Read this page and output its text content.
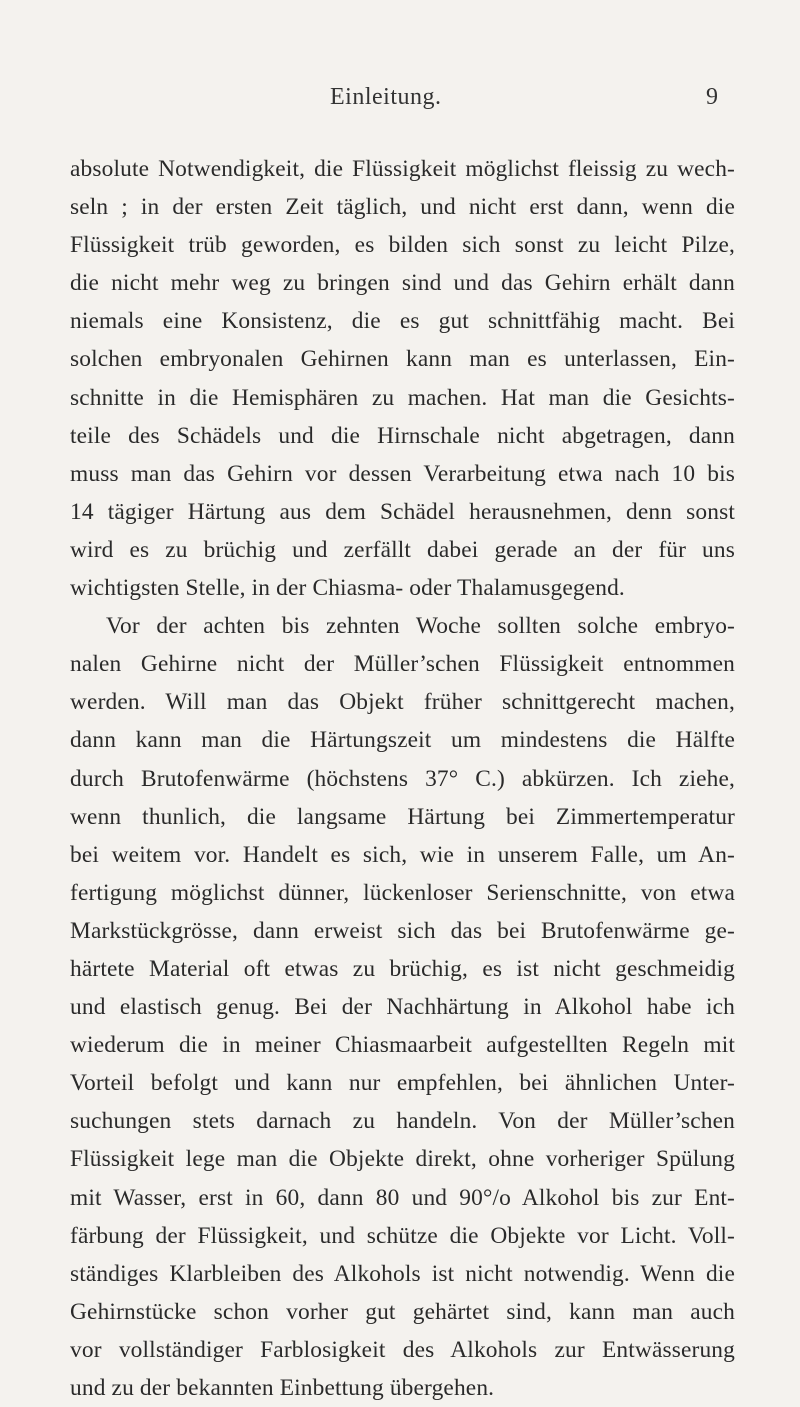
Einleitung.	9
absolute Notwendigkeit, die Flüssigkeit möglichst fleissig zu wech-
seln ; in der ersten Zeit täglich, und nicht erst dann, wenn die
Flüssigkeit trüb geworden, es bilden sich sonst zu leicht Pilze,
die nicht mehr weg zu bringen sind und das Gehirn erhält dann
niemals eine Konsistenz, die es gut schnittfähig macht. Bei
solchen embryonalen Gehirnen kann man es unterlassen, Ein-
schnitte in die Hemisphären zu machen. Hat man die Gesichts-
teile des Schädels und die Hirnschale nicht abgetragen, dann
muss man das Gehirn vor dessen Verarbeitung etwa nach 10 bis
14 tägiger Härtung aus dem Schädel herausnehmen, denn sonst
wird es zu brüchig und zerfällt dabei gerade an der für uns
wichtigsten Stelle, in der Chiasma- oder Thalamusgegend.
Vor der achten bis zehnten Woche sollten solche embryo-
nalen Gehirne nicht der Müller’schen Flüssigkeit entnommen
werden. Will man das Objekt früher schnittgerecht machen,
dann kann man die Härtungszeit um mindestens die Hälfte
durch Brutofenwärme (höchstens 37° C.) abkürzen. Ich ziehe,
wenn thunlich, die langsame Härtung bei Zimmertemperatur
bei weitem vor. Handelt es sich, wie in unserem Falle, um An-
fertigung möglichst dünner, lückenloser Serienschnitte, von etwa
Markstückgrösse, dann erweist sich das bei Brutofenwärme ge-
härtete Material oft etwas zu brüchig, es ist nicht geschmeidig
und elastisch genug. Bei der Nachhärtung in Alkohol habe ich
wiederum die in meiner Chiasmaarbeit aufgestellten Regeln mit
Vorteil befolgt und kann nur empfehlen, bei ähnlichen Unter-
suchungen stets darnach zu handeln. Von der Müller’schen
Flüssigkeit lege man die Objekte direkt, ohne vorheriger Spülung
mit Wasser, erst in 60, dann 80 und 90°/o Alkohol bis zur Ent-
färbung der Flüssigkeit, und schütze die Objekte vor Licht. Voll-
ständiges Klarbleiben des Alkohols ist nicht notwendig. Wenn die
Gehirnstücke schon vorher gut gehärtet sind, kann man auch
vor vollständiger Farblosigkeit des Alkohols zur Entwässerung
und zu der bekannten Einbettung übergehen.
